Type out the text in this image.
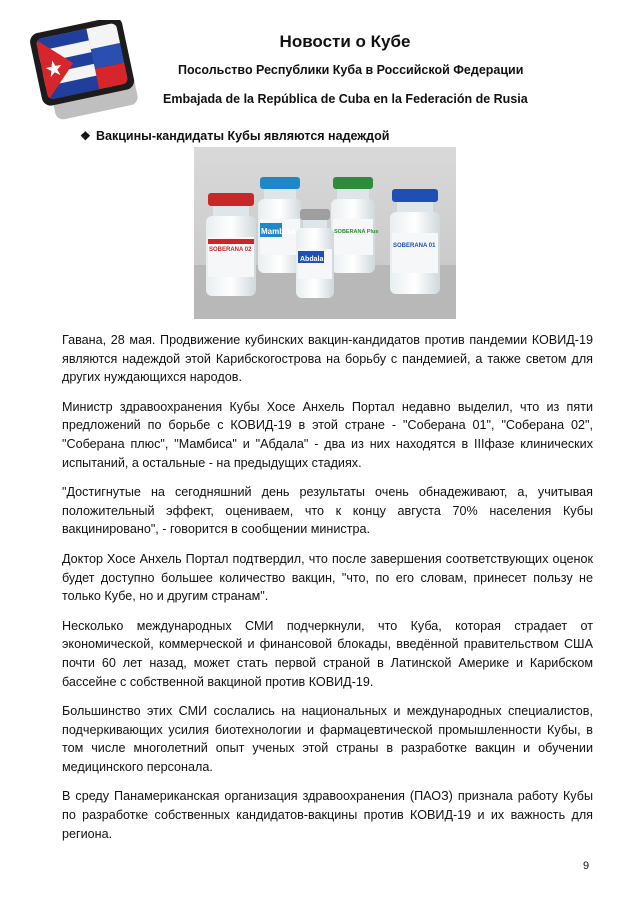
Новости о Кубе
Посольство Республики Куба в Российской Федерации
Embajada de la República de Cuba en la Federación de Rusia
❖ Вакцины-кандидаты Кубы являются надеждой
Mambisa	SOBERANA Plus
SOBERANA 02
SOBERANA 01
Abdala

Гавана, 28 мая. Продвижение кубинских вакцин-кандидатов против пандемии КОВИД-19 являются надеждой этой Карибскогострова на борьбу с пандемией, а также светом для других нуждающихся народов.

Министр здравоохранения Кубы Хосе Анхель Портал недавно выделил, что из пяти предложений по борьбе с КОВИД-19 в этой стране - "Соберана 01", "Соберана 02", "Соберана плюс", "Мамбиса" и "Абдала" - два из них находятся в IIIфазе клинических испытаний, а остальные - на предыдущих стадиях.

"Достигнутые на сегодняшний день результаты очень обнадеживают, а, учитывая положительный эффект, оцениваем, что к концу августа 70% населения Кубы вакцинировано", - говорится в сообщении министра.

Доктор Хосе Анхель Портал подтвердил, что после завершения соответствующих оценок будет доступно большее количество вакцин, "что, по его словам, принесет пользу не только Кубе, но и другим странам".

Несколько международных СМИ подчеркнули, что Куба, которая страдает от экономической, коммерческой и финансовой блокады, введённой правительством США почти 60 лет назад, может стать первой страной в Латинской Америке и Карибском бассейне с собственной вакциной против КОВИД-19.

Большинство этих СМИ сослались на национальных и международных специалистов, подчеркивающих усилия биотехнологии и фармацевтической промышленности Кубы, в том числе многолетний опыт ученых этой страны в разработке вакцин и обучении медицинского персонала.

В среду Панамериканская организация здравоохранения (ПАОЗ) признала работу Кубы по разработке собственных кандидатов-вакцины против КОВИД-19 и их важность для региона.

9
